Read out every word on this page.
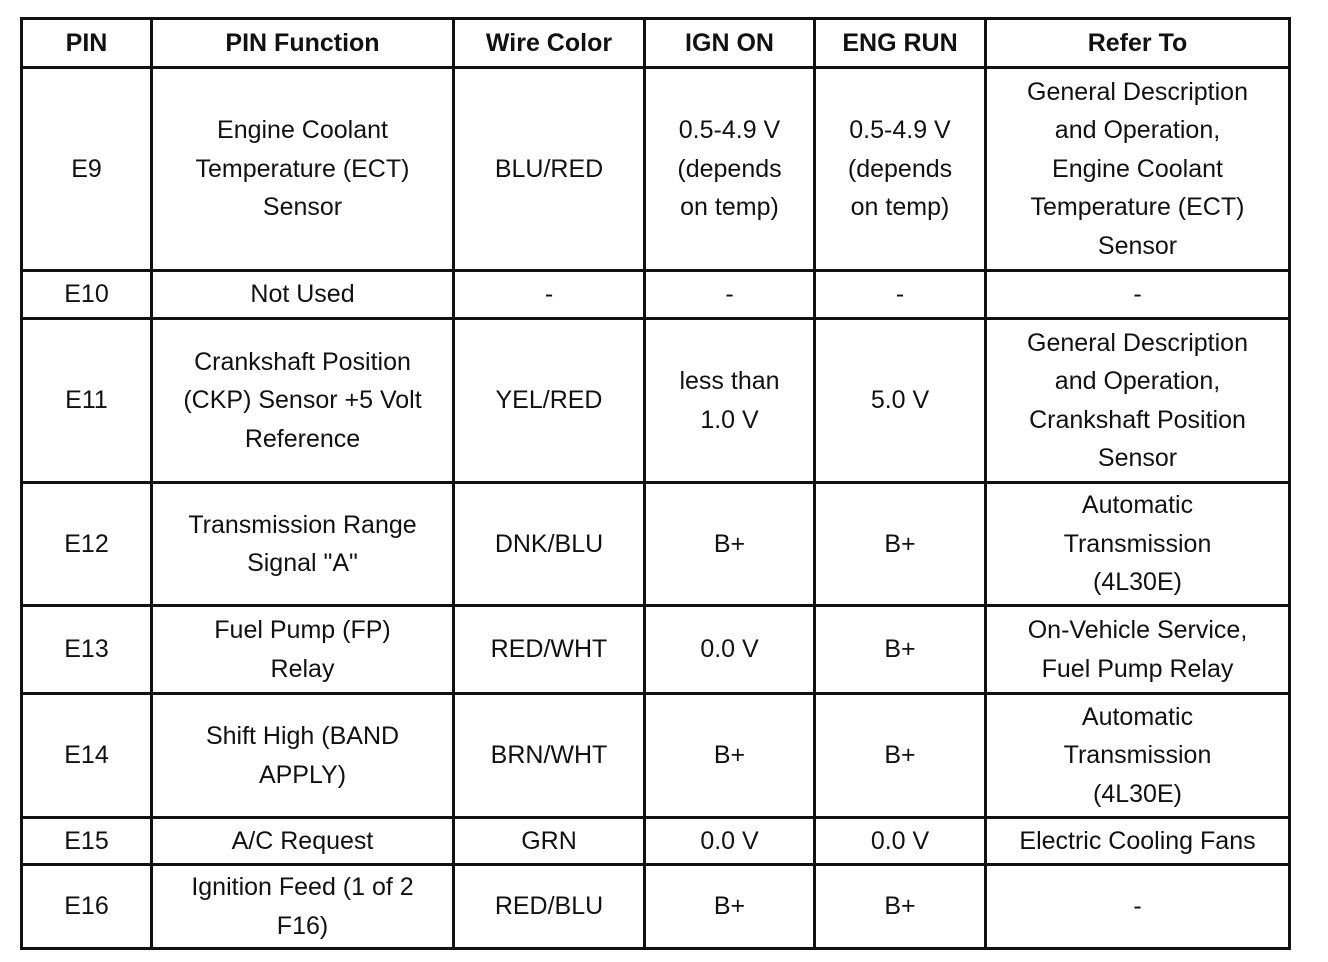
PIN	PIN Function	Wire Color	IGN ON	ENG RUN	Refer To
E9	Engine Coolant
Temperature (ECT)
Sensor	BLU/RED	0.5-4.9 V
(depends
on temp)	0.5-4.9 V
(depends
on temp)	General Description
and Operation,
Engine Coolant
Temperature (ECT)
Sensor
E10	Not Used	-	-	-	-
E11	Crankshaft Position
(CKP) Sensor +5 Volt
Reference	YEL/RED	less than
1.0 V	5.0 V	General Description
and Operation,
Crankshaft Position
Sensor
E12	Transmission Range
Signal "A"	DNK/BLU	B+	B+	Automatic
Transmission
(4L30E)
E13	Fuel Pump (FP)
Relay	RED/WHT	0.0 V	B+	On-Vehicle Service,
Fuel Pump Relay
E14	Shift High (BAND
APPLY)	BRN/WHT	B+	B+	Automatic
Transmission
(4L30E)
E15	A/C Request	GRN	0.0 V	0.0 V	Electric Cooling Fans
E16	Ignition Feed (1 of 2
F16)	RED/BLU	B+	B+	-
